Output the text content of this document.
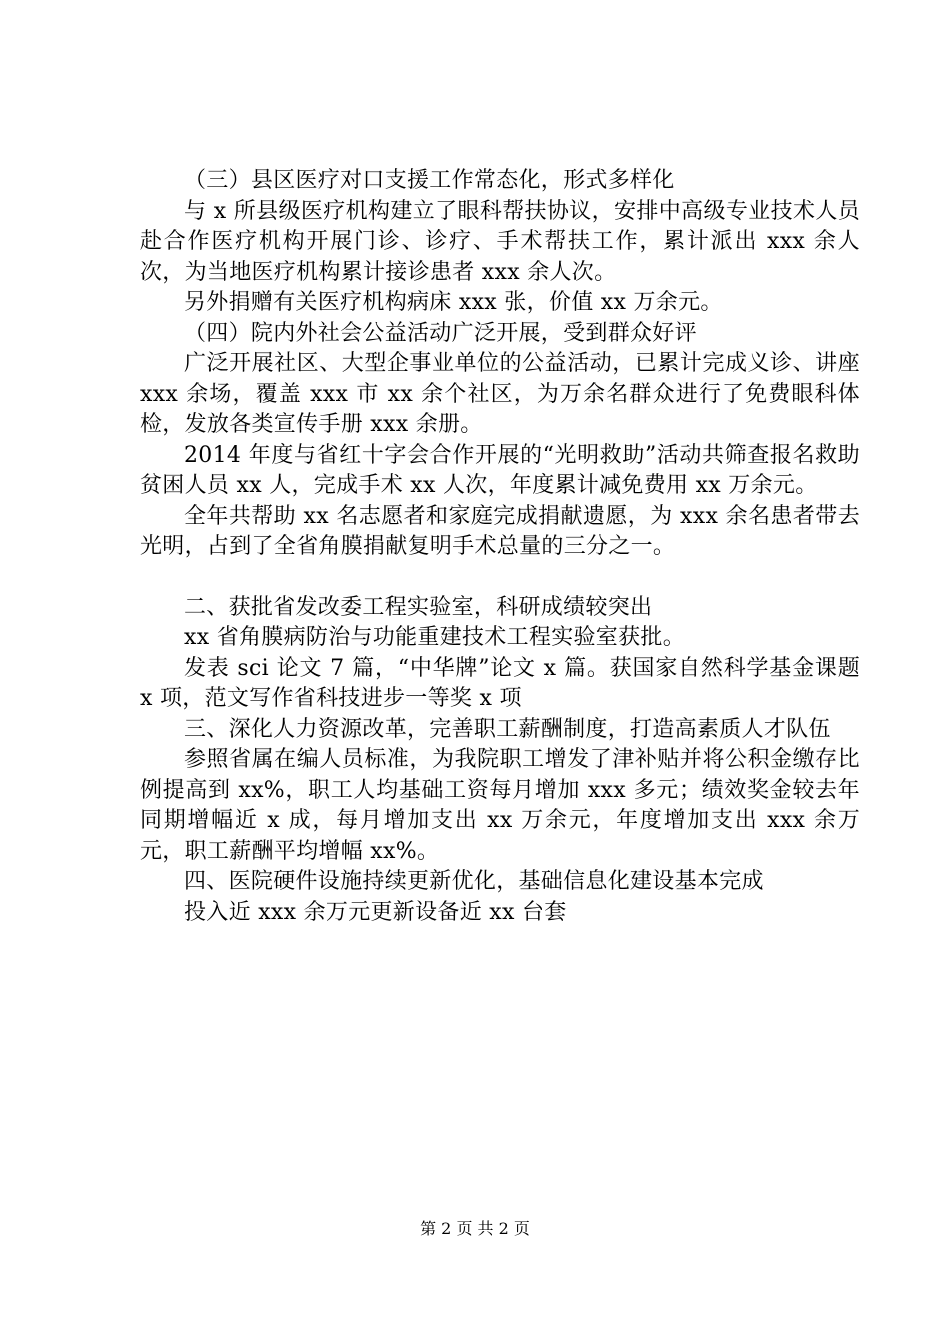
（三）县区医疗对口支援工作常态化，形式多样化

与 x 所县级医疗机构建立了眼科帮扶协议，安排中高级专业技术人员赴合作医疗机构开展门诊、诊疗、手术帮扶工作，累计派出 xxx 余人次，为当地医疗机构累计接诊患者 xxx 余人次。

另外捐赠有关医疗机构病床 xxx 张，价值 xx 万余元。

（四）院内外社会公益活动广泛开展，受到群众好评

广泛开展社区、大型企事业单位的公益活动，已累计完成义诊、讲座 xxx 余场，覆盖 xxx 市 xx 余个社区，为万余名群众进行了免费眼科体检，发放各类宣传手册 xxx 余册。

2014 年度与省红十字会合作开展的“光明救助”活动共筛查报名救助贫困人员 xx 人，完成手术 xx 人次，年度累计减免费用 xx 万余元。

全年共帮助 xx 名志愿者和家庭完成捐献遗愿，为 xxx 余名患者带去光明，占到了全省角膜捐献复明手术总量的三分之一。

二、获批省发改委工程实验室，科研成绩较突出

xx 省角膜病防治与功能重建技术工程实验室获批。

发表 sci 论文 7 篇，“中华牌”论文 x 篇。获国家自然科学基金课题 x 项，范文写作省科技进步一等奖 x 项

三、深化人力资源改革，完善职工薪酬制度，打造高素质人才队伍

参照省属在编人员标准，为我院职工增发了津补贴并将公积金缴存比例提高到 xx%，职工人均基础工资每月增加 xxx 多元；绩效奖金较去年同期增幅近 x 成，每月增加支出 xx 万余元，年度增加支出 xxx 余万元，职工薪酬平均增幅 xx%。

四、医院硬件设施持续更新优化，基础信息化建设基本完成

投入近 xxx 余万元更新设备近 xx 台套

第 2 页 共 2 页
